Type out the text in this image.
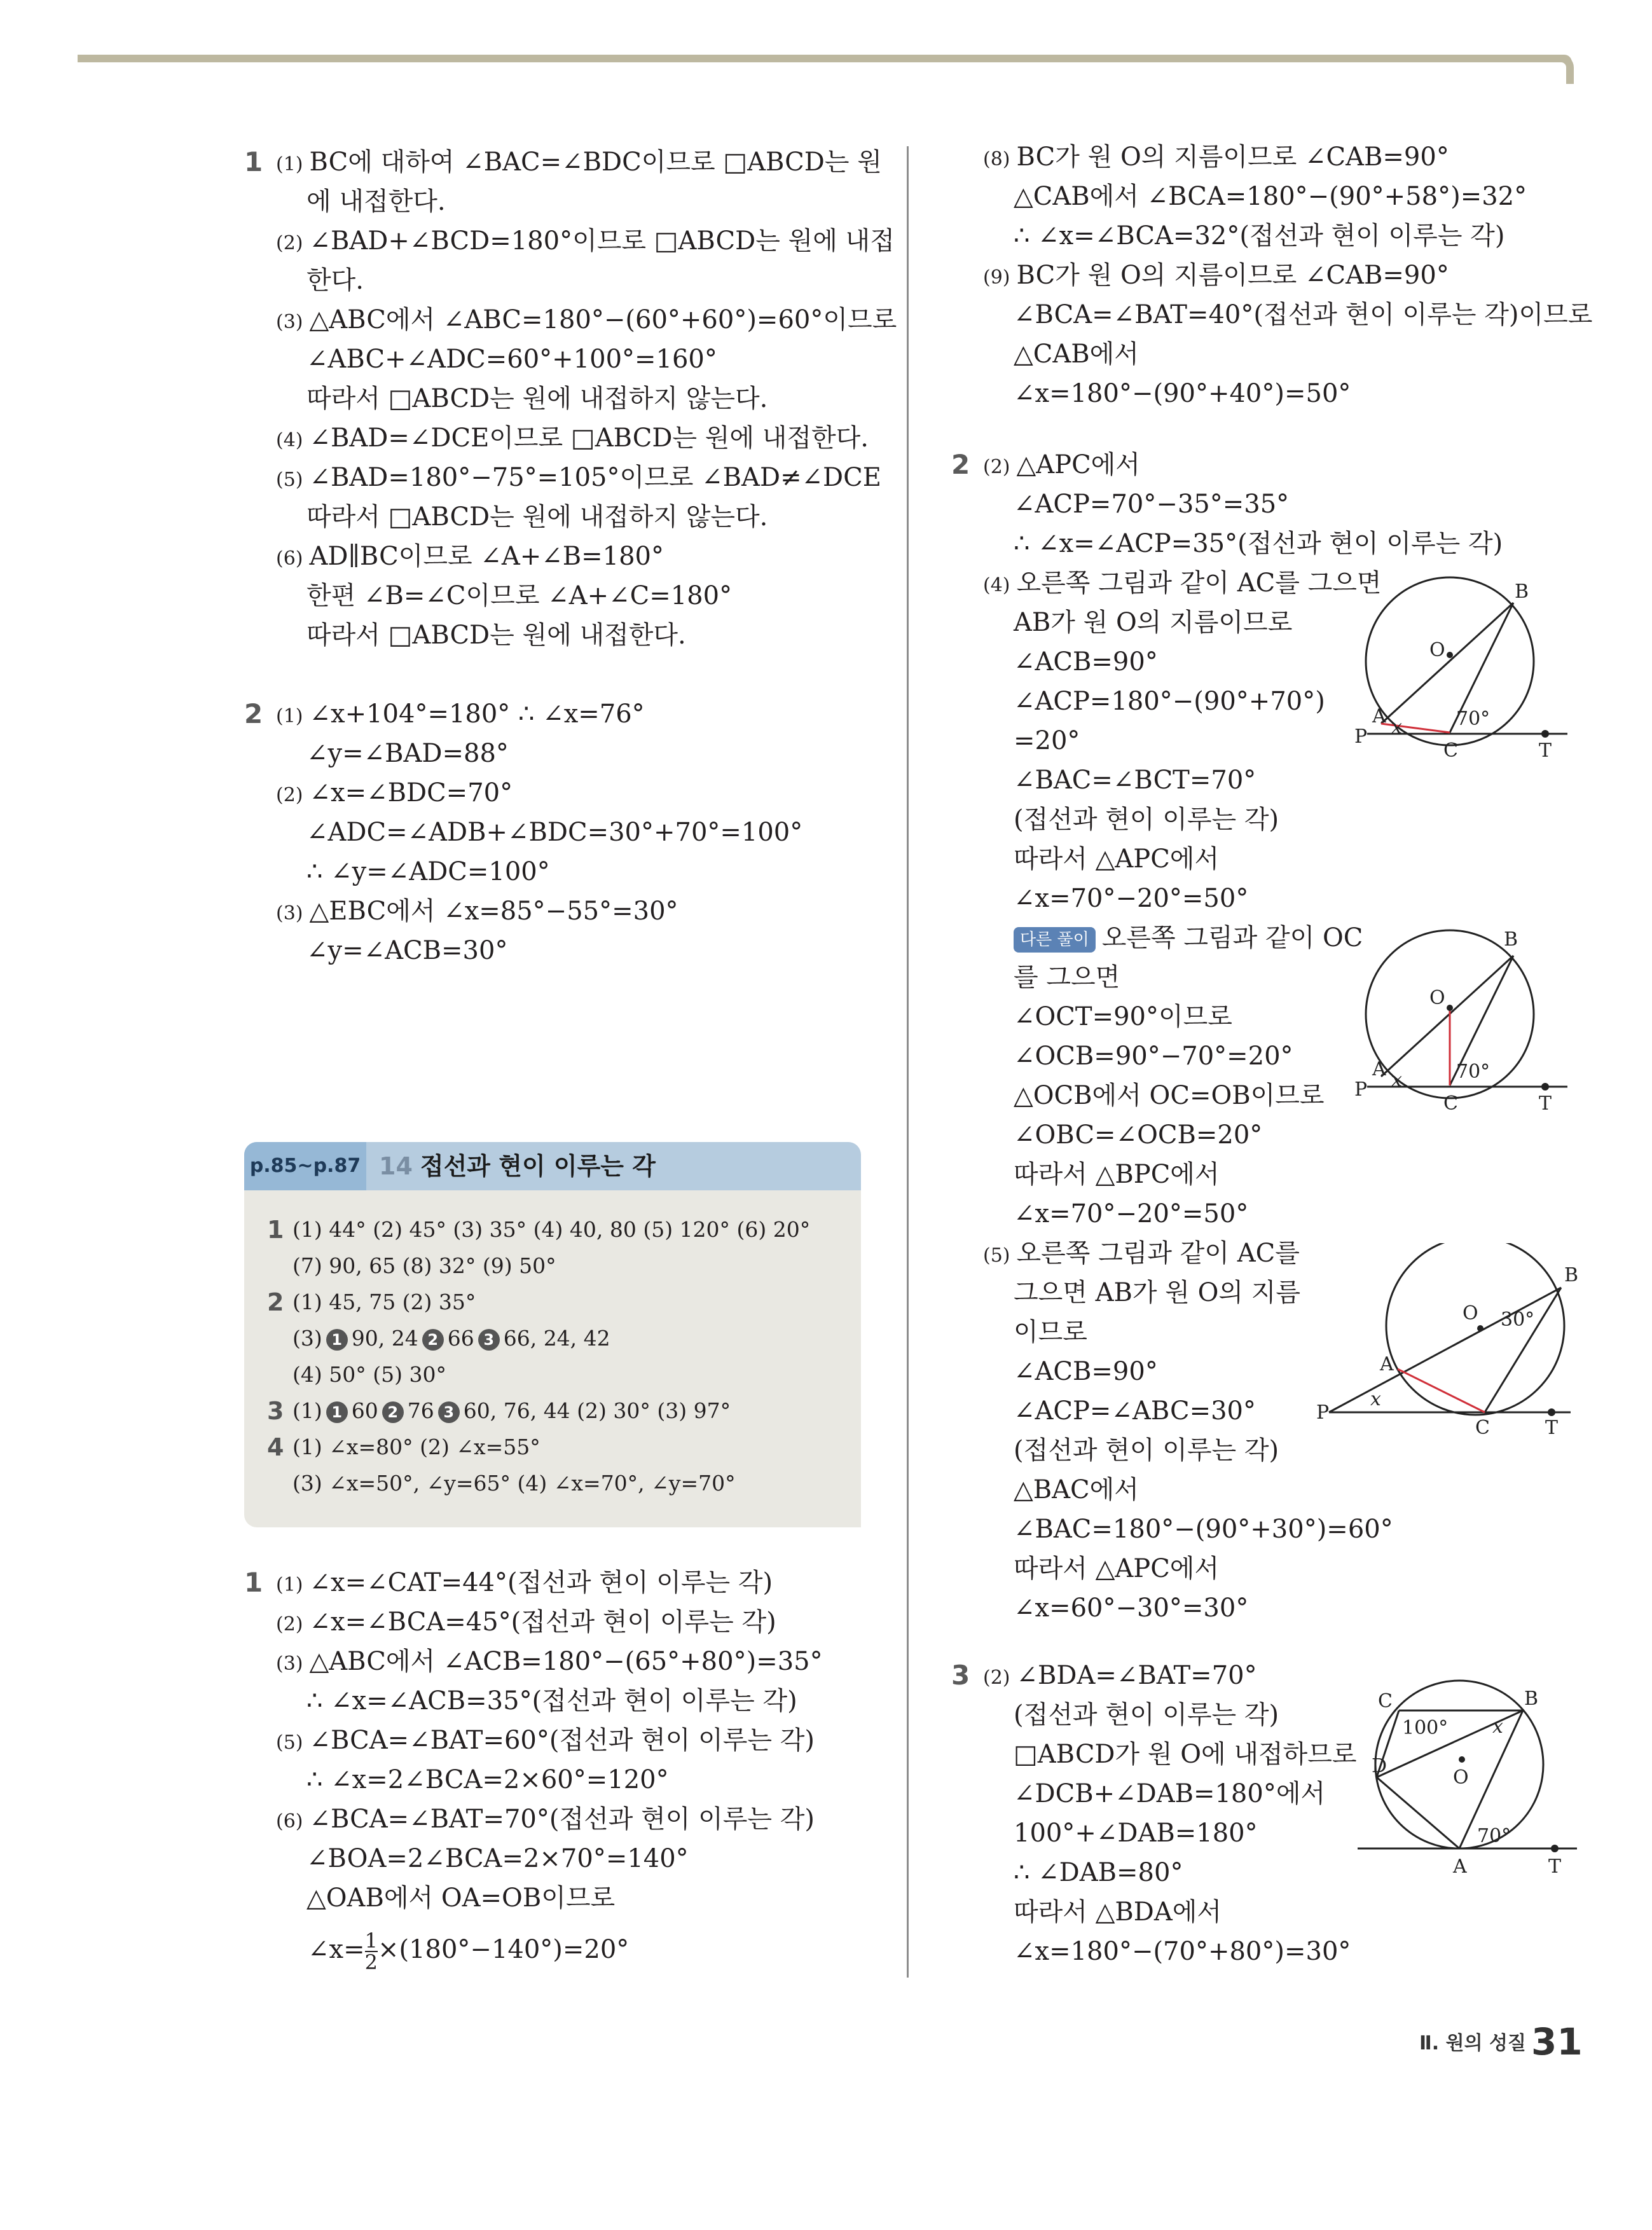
1 (1) BC에 대하여 ∠BAC=∠BDC이므로 □ABCD는 원
에 내접한다.
(2) ∠BAD+∠BCD=180°이므로 □ABCD는 원에 내접
한다.
(3) △ABC에서 ∠ABC=180°−(60°+60°)=60°이므로
∠ABC+∠ADC=60°+100°=160°
따라서 □ABCD는 원에 내접하지 않는다.
(4) ∠BAD=∠DCE이므로 □ABCD는 원에 내접한다.
(5) ∠BAD=180°−75°=105°이므로 ∠BAD≠∠DCE
따라서 □ABCD는 원에 내접하지 않는다.
(6) AD∥BC이므로 ∠A+∠B=180°
한편 ∠B=∠C이므로 ∠A+∠C=180°
따라서 □ABCD는 원에 내접한다.
2 (1) ∠x+104°=180° ∴ ∠x=76°
∠y=∠BAD=88°
(2) ∠x=∠BDC=70°
∠ADC=∠ADB+∠BDC=30°+70°=100°
∴ ∠y=∠ADC=100°
(3) △EBC에서 ∠x=85°−55°=30°
∠y=∠ACB=30°
p.85~p.87 14 접선과 현이 이루는 각
1 (1) 44° (2) 45° (3) 35° (4) 40, 80 (5) 120° (6) 20°
(7) 90, 65 (8) 32° (9) 50°
2 (1) 45, 75 (2) 35°
(3) 1 90, 24 2 66 3 66, 24, 42
(4) 50° (5) 30°
3 (1) 1 60 2 76 3 60, 76, 44 (2) 30° (3) 97°
4 (1) ∠x=80° (2) ∠x=55°
(3) ∠x=50°, ∠y=65° (4) ∠x=70°, ∠y=70°
1 (1) ∠x=∠CAT=44°(접선과 현이 이루는 각)
(2) ∠x=∠BCA=45°(접선과 현이 이루는 각)
(3) △ABC에서 ∠ACB=180°−(65°+80°)=35°
∴ ∠x=∠ACB=35°(접선과 현이 이루는 각)
(5) ∠BCA=∠BAT=60°(접선과 현이 이루는 각)
∴ ∠x=2∠BCA=2×60°=120°
(6) ∠BCA=∠BAT=70°(접선과 현이 이루는 각)
∠BOA=2∠BCA=2×70°=140°
△OAB에서 OA=OB이므로
∠x= $\frac{1}{2} \times(180^\circ-140^\circ)=20^\circ$
(8) BC가 원 O의 지름이므로 ∠CAB=90°
△CAB에서 ∠BCA=180°−(90°+58°)=32°
∴ ∠x=∠BCA=32°(접선과 현이 이루는 각)
(9) BC가 원 O의 지름이므로 ∠CAB=90°
∠BCA=∠BAT=40°(접선과 현이 이루는 각)이므로
△CAB에서
∠x=180°−(90°+40°)=50°
2 (2) △APC에서
∠ACP=70°−35°=35°
∴ ∠x=∠ACP=35°(접선과 현이 이루는 각)
(4) 오른쪽 그림과 같이 AC를 그으면
AB가 원 O의 지름이므로
∠ACB=90°
∠ACP=180°−(90°+70°)
=20°
∠BAC=∠BCT=70°
(접선과 현이 이루는 각)
따라서 △APC에서
∠x=70°−20°=50°
다른 풀이 오른쪽 그림과 같이 OC
를 그으면
∠OCT=90°이므로
∠OCB=90°−70°=20°
△OCB에서 OC=OB이므로
∠OBC=∠OCB=20°
따라서 △BPC에서
∠x=70°−20°=50°
(5) 오른쪽 그림과 같이 AC를
그으면 AB가 원 O의 지름
이므로
∠ACB=90°
∠ACP=∠ABC=30°
(접선과 현이 이루는 각)
△BAC에서
∠BAC=180°−(90°+30°)=60°
따라서 △APC에서
∠x=60°−30°=30°
3 (2) ∠BDA=∠BAT=70°
(접선과 현이 이루는 각)
□ABCD가 원 O에 내접하므로
∠DCB+∠DAB=180°에서
100°+∠DAB=180°
∴ ∠DAB=80°
따라서 △BDA에서
∠x=180°−(70°+80°)=30°
B
O
A
P
C	T
x	70°
B
O
A
P
C	T
x	70°
B
O
A
P
C	T
x
30°
B
O
A
C
D
T
x
100°
70°
Ⅱ. 원의 성질 31
